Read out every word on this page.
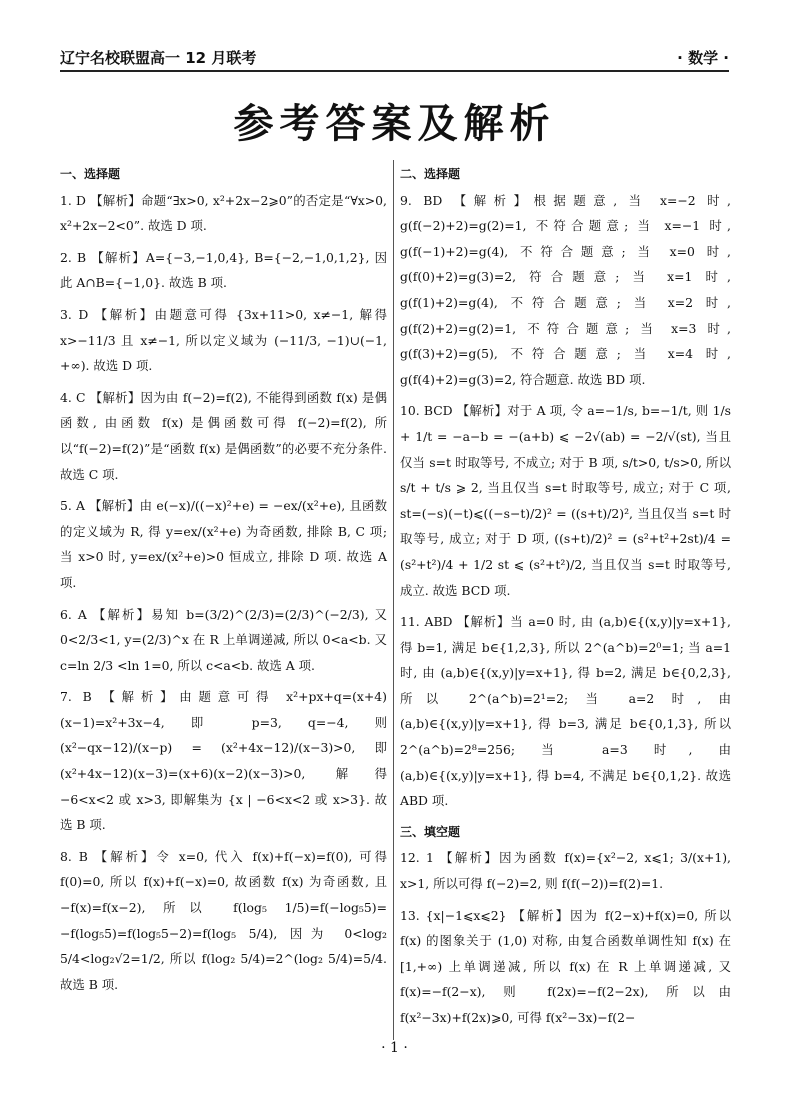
辽宁名校联盟高一 12 月联考	· 数学 ·
参考答案及解析
一、选择题
1. D 【解析】命题“∃x>0, x²+2x−2⩾0”的否定是“∀x>0, x²+2x−2<0”. 故选 D 项.
2. B 【解析】A={−3,−1,0,4}, B={−2,−1,0,1,2}, 因此 A∩B={−1,0}. 故选 B 项.
3. D 【解析】由题意可得 {3x+11>0, x≠−1, 解得 x>−11/3 且 x≠−1, 所以定义域为 (−11/3, −1)∪(−1, +∞). 故选 D 项.
4. C 【解析】因为由 f(−2)=f(2), 不能得到函数 f(x) 是偶函数, 由函数 f(x) 是偶函数可得 f(−2)=f(2), 所以“f(−2)=f(2)”是“函数 f(x) 是偶函数”的必要不充分条件. 故选 C 项.
5. A 【解析】由 e(−x)/((−x)²+e) = −ex/(x²+e), 且函数的定义域为 R, 得 y=ex/(x²+e) 为奇函数, 排除 B, C 项; 当 x>0 时, y=ex/(x²+e)>0 恒成立, 排除 D 项. 故选 A 项.
6. A 【解析】易知 b=(3/2)^(2/3)=(2/3)^(−2/3), 又 0<2/3<1, y=(2/3)^x 在 R 上单调递减, 所以 0<a<b. 又 c=ln 2/3 <ln 1=0, 所以 c<a<b. 故选 A 项.
7. B 【解析】由题意可得 x²+px+q=(x+4)(x−1)=x²+3x−4, 即 p=3, q=−4, 则 (x²−qx−12)/(x−p) = (x²+4x−12)/(x−3)>0, 即(x²+4x−12)(x−3)=(x+6)(x−2)(x−3)>0, 解得 −6<x<2 或 x>3, 即解集为 {x | −6<x<2 或 x>3}. 故选 B 项.
8. B 【解析】令 x=0, 代入 f(x)+f(−x)=f(0), 可得 f(0)=0, 所以 f(x)+f(−x)=0, 故函数 f(x) 为奇函数, 且 −f(x)=f(x−2), 所以 f(log₅ 1/5)=f(−log₅5)= −f(log₅5)=f(log₅5−2)=f(log₅ 5/4), 因为 0<log₂ 5/4<log₂√2=1/2, 所以 f(log₂ 5/4)=2^(log₂ 5/4)=5/4. 故选 B 项.
二、选择题
9. BD 【解析】根据题意, 当 x=−2 时, g(f(−2)+2)=g(2)=1, 不符合题意; 当 x=−1 时, g(f(−1)+2)=g(4), 不符合题意; 当 x=0 时, g(f(0)+2)=g(3)=2, 符合题意; 当 x=1 时, g(f(1)+2)=g(4), 不符合题意; 当 x=2 时, g(f(2)+2)=g(2)=1, 不符合题意; 当 x=3 时, g(f(3)+2)=g(5), 不符合题意; 当 x=4 时, g(f(4)+2)=g(3)=2, 符合题意. 故选 BD 项.
10. BCD 【解析】对于 A 项, 令 a=−1/s, b=−1/t, 则 1/s + 1/t = −a−b = −(a+b) ⩽ −2√(ab) = −2/√(st), 当且仅当 s=t 时取等号, 不成立; 对于 B 项, s/t>0, t/s>0, 所以 s/t + t/s ⩾ 2, 当且仅当 s=t 时取等号, 成立; 对于 C 项, st=(−s)(−t)⩽((−s−t)/2)² = ((s+t)/2)², 当且仅当 s=t 时取等号, 成立; 对于 D 项, ((s+t)/2)² = (s²+t²+2st)/4 = (s²+t²)/4 + 1/2 st ⩽ (s²+t²)/2, 当且仅当 s=t 时取等号, 成立. 故选 BCD 项.
11. ABD 【解析】当 a=0 时, 由 (a,b)∈{(x,y)|y=x+1}, 得 b=1, 满足 b∈{1,2,3}, 所以 2^(a^b)=2⁰=1; 当 a=1 时, 由 (a,b)∈{(x,y)|y=x+1}, 得 b=2, 满足 b∈{0,2,3}, 所以 2^(a^b)=2¹=2; 当 a=2 时, 由 (a,b)∈{(x,y)|y=x+1}, 得 b=3, 满足 b∈{0,1,3}, 所以 2^(a^b)=2⁸=256; 当 a=3 时, 由 (a,b)∈{(x,y)|y=x+1}, 得 b=4, 不满足 b∈{0,1,2}. 故选 ABD 项.
三、填空题
12. 1 【解析】因为函数 f(x)={x²−2, x⩽1; 3/(x+1), x>1, 所以可得 f(−2)=2, 则 f(f(−2))=f(2)=1.
13. {x|−1⩽x⩽2} 【解析】因为 f(2−x)+f(x)=0, 所以 f(x) 的图象关于 (1,0) 对称, 由复合函数单调性知 f(x) 在 [1,+∞) 上单调递减, 所以 f(x) 在 R 上单调递减, 又 f(x)=−f(2−x), 则 f(2x)=−f(2−2x), 所以由 f(x²−3x)+f(2x)⩾0, 可得 f(x²−3x)−f(2−
· 1 ·
